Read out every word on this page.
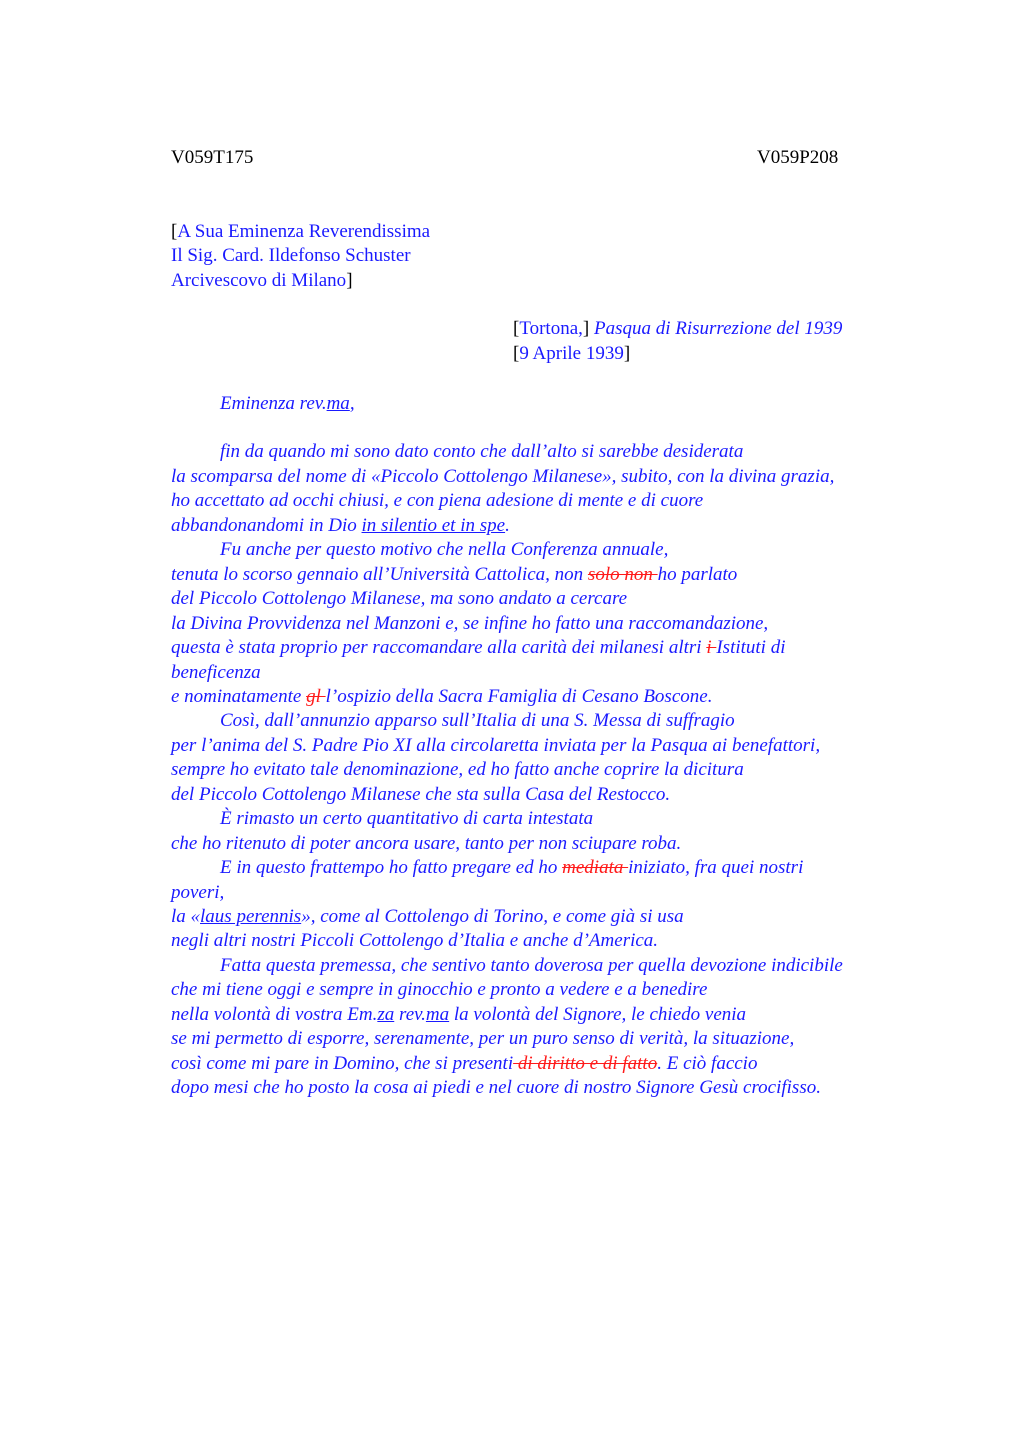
V059T175	V059P208
[A Sua Eminenza Reverendissima
Il Sig. Card. Ildefonso Schuster
Arcivescovo di Milano]
[Tortona,] Pasqua di Risurrezione del 1939
[9 Aprile 1939]
Eminenza rev.ma,
fin da quando mi sono dato conto che dall’alto si sarebbe desiderata
la scomparsa del nome di «Piccolo Cottolengo Milanese», subito, con la divina grazia,
ho accettato ad occhi chiusi, e con piena adesione di mente e di cuore
abbandonandomi in Dio in silentio et in spe.
Fu anche per questo motivo che nella Conferenza annuale,
tenuta lo scorso gennaio all’Università Cattolica, non solo non ho parlato
del Piccolo Cottolengo Milanese, ma sono andato a cercare
la Divina Provvidenza nel Manzoni e, se infine ho fatto una raccomandazione,
questa è stata proprio per raccomandare alla carità dei milanesi altri i Istituti di
beneficenza
e nominatamente gl l’ospizio della Sacra Famiglia di Cesano Boscone.
Così, dall’annunzio apparso sull’Italia di una S. Messa di suffragio
per l’anima del S. Padre Pio XI alla circolaretta inviata per la Pasqua ai benefattori,
sempre ho evitato tale denominazione, ed ho fatto anche coprire la dicitura
del Piccolo Cottolengo Milanese che sta sulla Casa del Restocco.
È rimasto un certo quantitativo di carta intestata
che ho ritenuto di poter ancora usare, tanto per non sciupare roba.
E in questo frattempo ho fatto pregare ed ho mediata iniziato, fra quei nostri
poveri,
la «laus perennis», come al Cottolengo di Torino, e come già si usa
negli altri nostri Piccoli Cottolengo d’Italia e anche d’America.
Fatta questa premessa, che sentivo tanto doverosa per quella devozione indicibile
che mi tiene oggi e sempre in ginocchio e pronto a vedere e a benedire
nella volontà di vostra Em.za rev.ma la volontà del Signore, le chiedo venia
se mi permetto di esporre, serenamente, per un puro senso di verità, la situazione,
così come mi pare in Domino, che si presenti di diritto e di fatto. E ciò faccio
dopo mesi che ho posto la cosa ai piedi e nel cuore di nostro Signore Gesù crocifisso.
